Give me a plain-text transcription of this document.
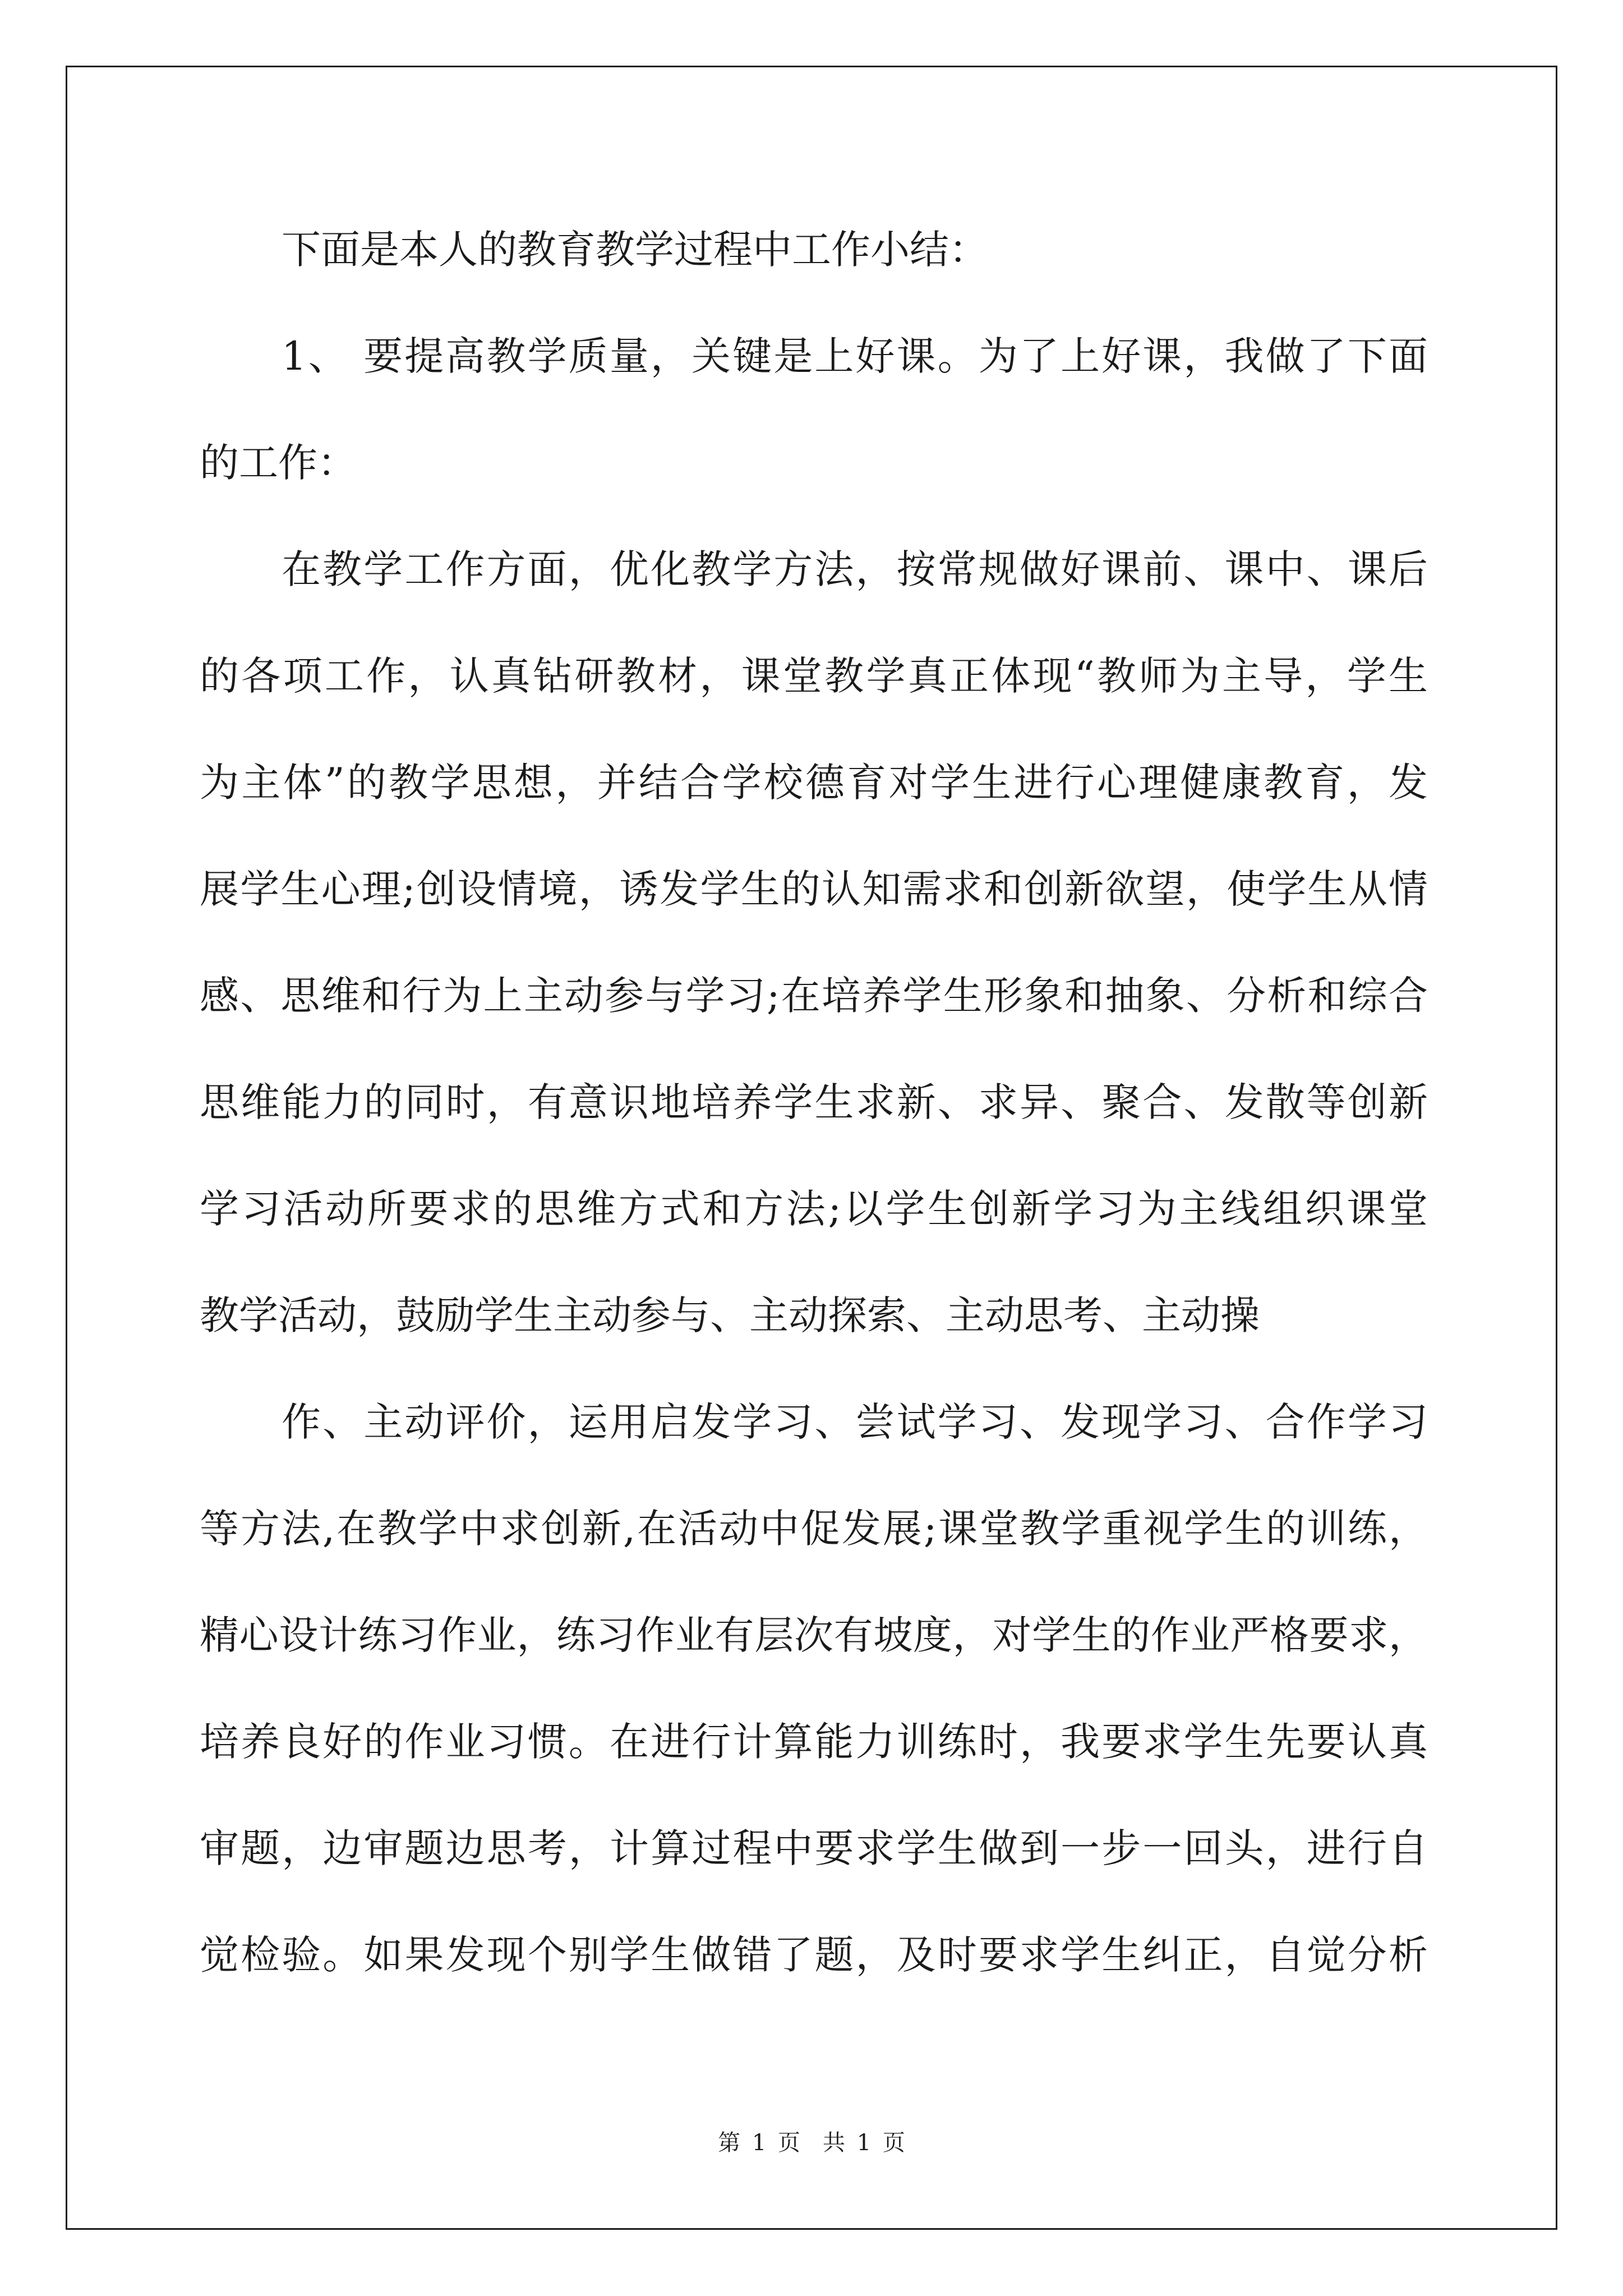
下面是本人的教育教学过程中工作小结：
1、 要提高教学质量，关键是上好课。为了上好课，我做了下面
的工作：
在教学工作方面，优化教学方法，按常规做好课前、课中、课后
的各项工作，认真钻研教材，课堂教学真正体现“教师为主导，学生
为主体”的教学思想，并结合学校德育对学生进行心理健康教育，发
展学生心理;创设情境，诱发学生的认知需求和创新欲望，使学生从情
感、思维和行为上主动参与学习;在培养学生形象和抽象、分析和综合
思维能力的同时，有意识地培养学生求新、求异、聚合、发散等创新
学习活动所要求的思维方式和方法;以学生创新学习为主线组织课堂
教学活动，鼓励学生主动参与、主动探索、主动思考、主动操
作、主动评价，运用启发学习、尝试学习、发现学习、合作学习
等方法,在教学中求创新,在活动中促发展;课堂教学重视学生的训练，
精心设计练习作业，练习作业有层次有坡度，对学生的作业严格要求，
培养良好的作业习惯。在进行计算能力训练时，我要求学生先要认真
审题，边审题边思考，计算过程中要求学生做到一步一回头，进行自
觉检验。如果发现个别学生做错了题，及时要求学生纠正，自觉分析
第 1 页　共 1 页
